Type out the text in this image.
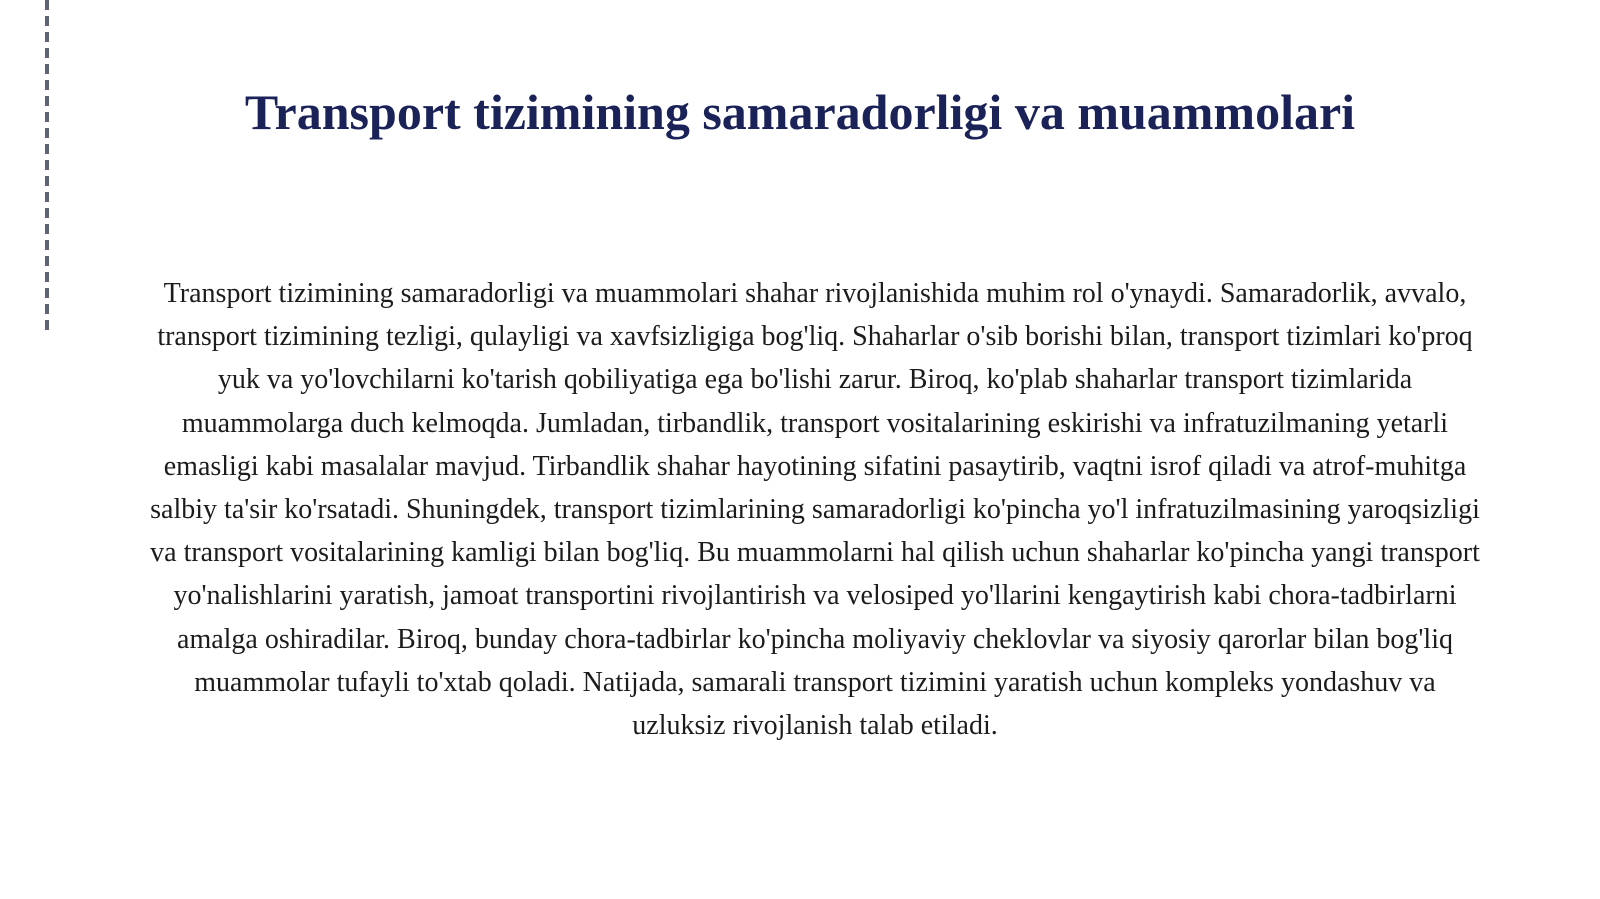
Transport tizimining samaradorligi va muammolari

Transport tizimining samaradorligi va muammolari shahar rivojlanishida muhim rol o'ynaydi. Samaradorlik, avvalo, transport tizimining tezligi, qulayligi va xavfsizligiga bog'liq. Shaharlar o'sib borishi bilan, transport tizimlari ko'proq yuk va yo'lovchilarni ko'tarish qobiliyatiga ega bo'lishi zarur. Biroq, ko'plab shaharlar transport tizimlarida muammolarga duch kelmoqda. Jumladan, tirbandlik, transport vositalarining eskirishi va infratuzilmaning yetarli emasligi kabi masalalar mavjud. Tirbandlik shahar hayotining sifatini pasaytirib, vaqtni isrof qiladi va atrof-muhitga salbiy ta'sir ko'rsatadi. Shuningdek, transport tizimlarining samaradorligi ko'pincha yo'l infratuzilmasining yaroqsizligi va transport vositalarining kamligi bilan bog'liq. Bu muammolarni hal qilish uchun shaharlar ko'pincha yangi transport yo'nalishlarini yaratish, jamoat transportini rivojlantirish va velosiped yo'llarini kengaytirish kabi chora-tadbirlarni amalga oshiradilar. Biroq, bunday chora-tadbirlar ko'pincha moliyaviy cheklovlar va siyosiy qarorlar bilan bog'liq muammolar tufayli to'xtab qoladi. Natijada, samarali transport tizimini yaratish uchun kompleks yondashuv va uzluksiz rivojlanish talab etiladi.
